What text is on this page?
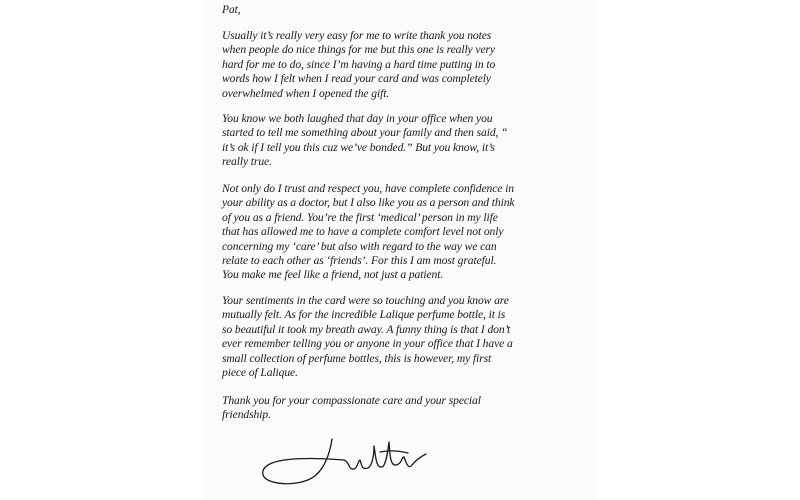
Pat,
Usually it’s really very easy for me to write thank you notes
when people do nice things for me but this one is really very
hard for me to do, since I’m having a hard time putting in to
words how I felt when I read your card and was completely
overwhelmed when I opened the gift.
You know we both laughed that day in your office when you
started to tell me something about your family and then said, “
it’s ok if I tell you this cuz we’ve bonded.” But you know, it’s
really true.
Not only do I trust and respect you, have complete confidence in
your ability as a doctor, but I also like you as a person and think
of you as a friend. You’re the first ‘medical’ person in my life
that has allowed me to have a complete comfort level not only
concerning my ‘care’ but also with regard to the way we can
relate to each other as ‘friends’. For this I am most grateful.
You make me feel like a friend, not just a patient.
Your sentiments in the card were so touching and you know are
mutually felt. As for the incredible Lalique perfume bottle, it is
so beautiful it took my breath away. A funny thing is that I don’t
ever remember telling you or anyone in your office that I have a
small collection of perfume bottles, this is however, my first
piece of Lalique.
Thank you for your compassionate care and your special
friendship.
